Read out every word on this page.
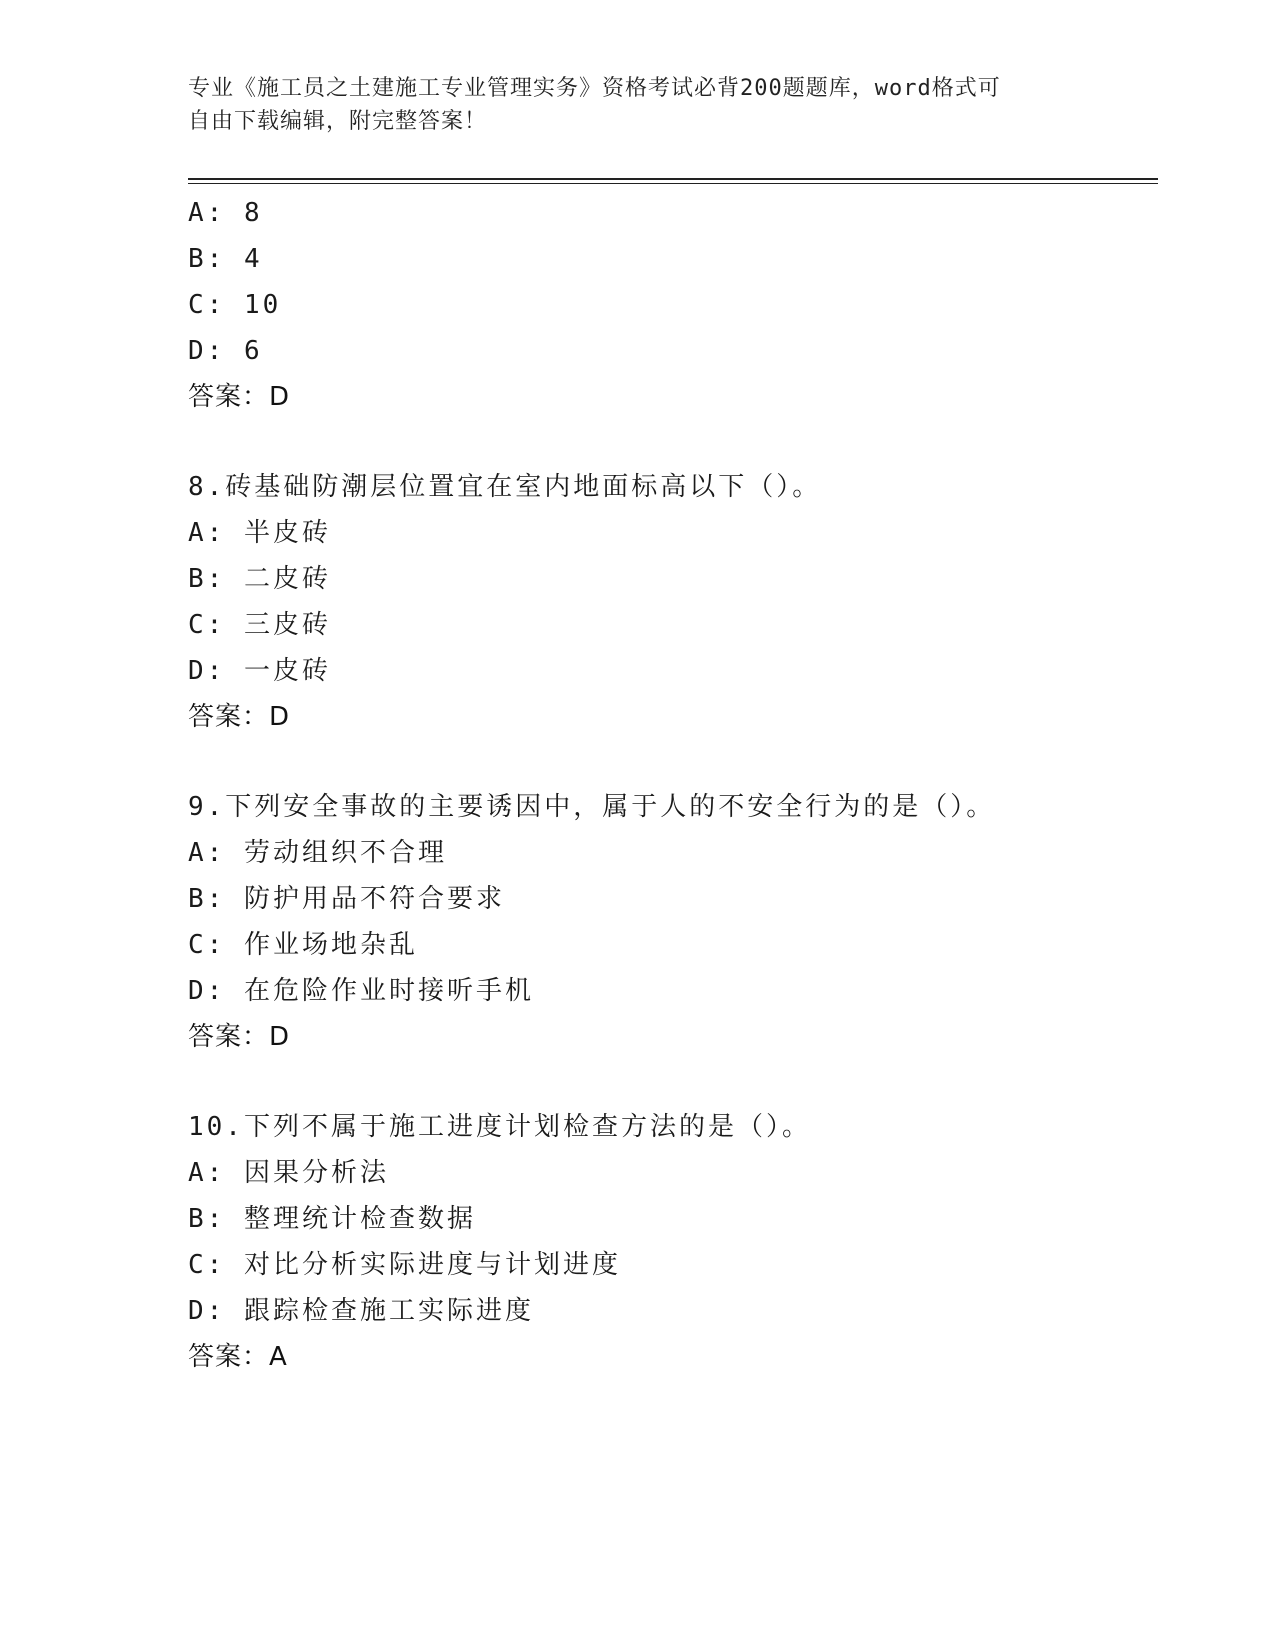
专业《施工员之土建施工专业管理实务》资格考试必背200题题库，word格式可
自由下载编辑，附完整答案！
A: 8
B: 4
C: 10
D: 6
答案：D
8.砖基础防潮层位置宜在室内地面标高以下（）。
A: 半皮砖
B: 二皮砖
C: 三皮砖
D: 一皮砖
答案：D
9.下列安全事故的主要诱因中，属于人的不安全行为的是（）。
A: 劳动组织不合理
B: 防护用品不符合要求
C: 作业场地杂乱
D: 在危险作业时接听手机
答案：D
10.下列不属于施工进度计划检查方法的是（）。
A: 因果分析法
B: 整理统计检查数据
C: 对比分析实际进度与计划进度
D: 跟踪检查施工实际进度
答案：A
